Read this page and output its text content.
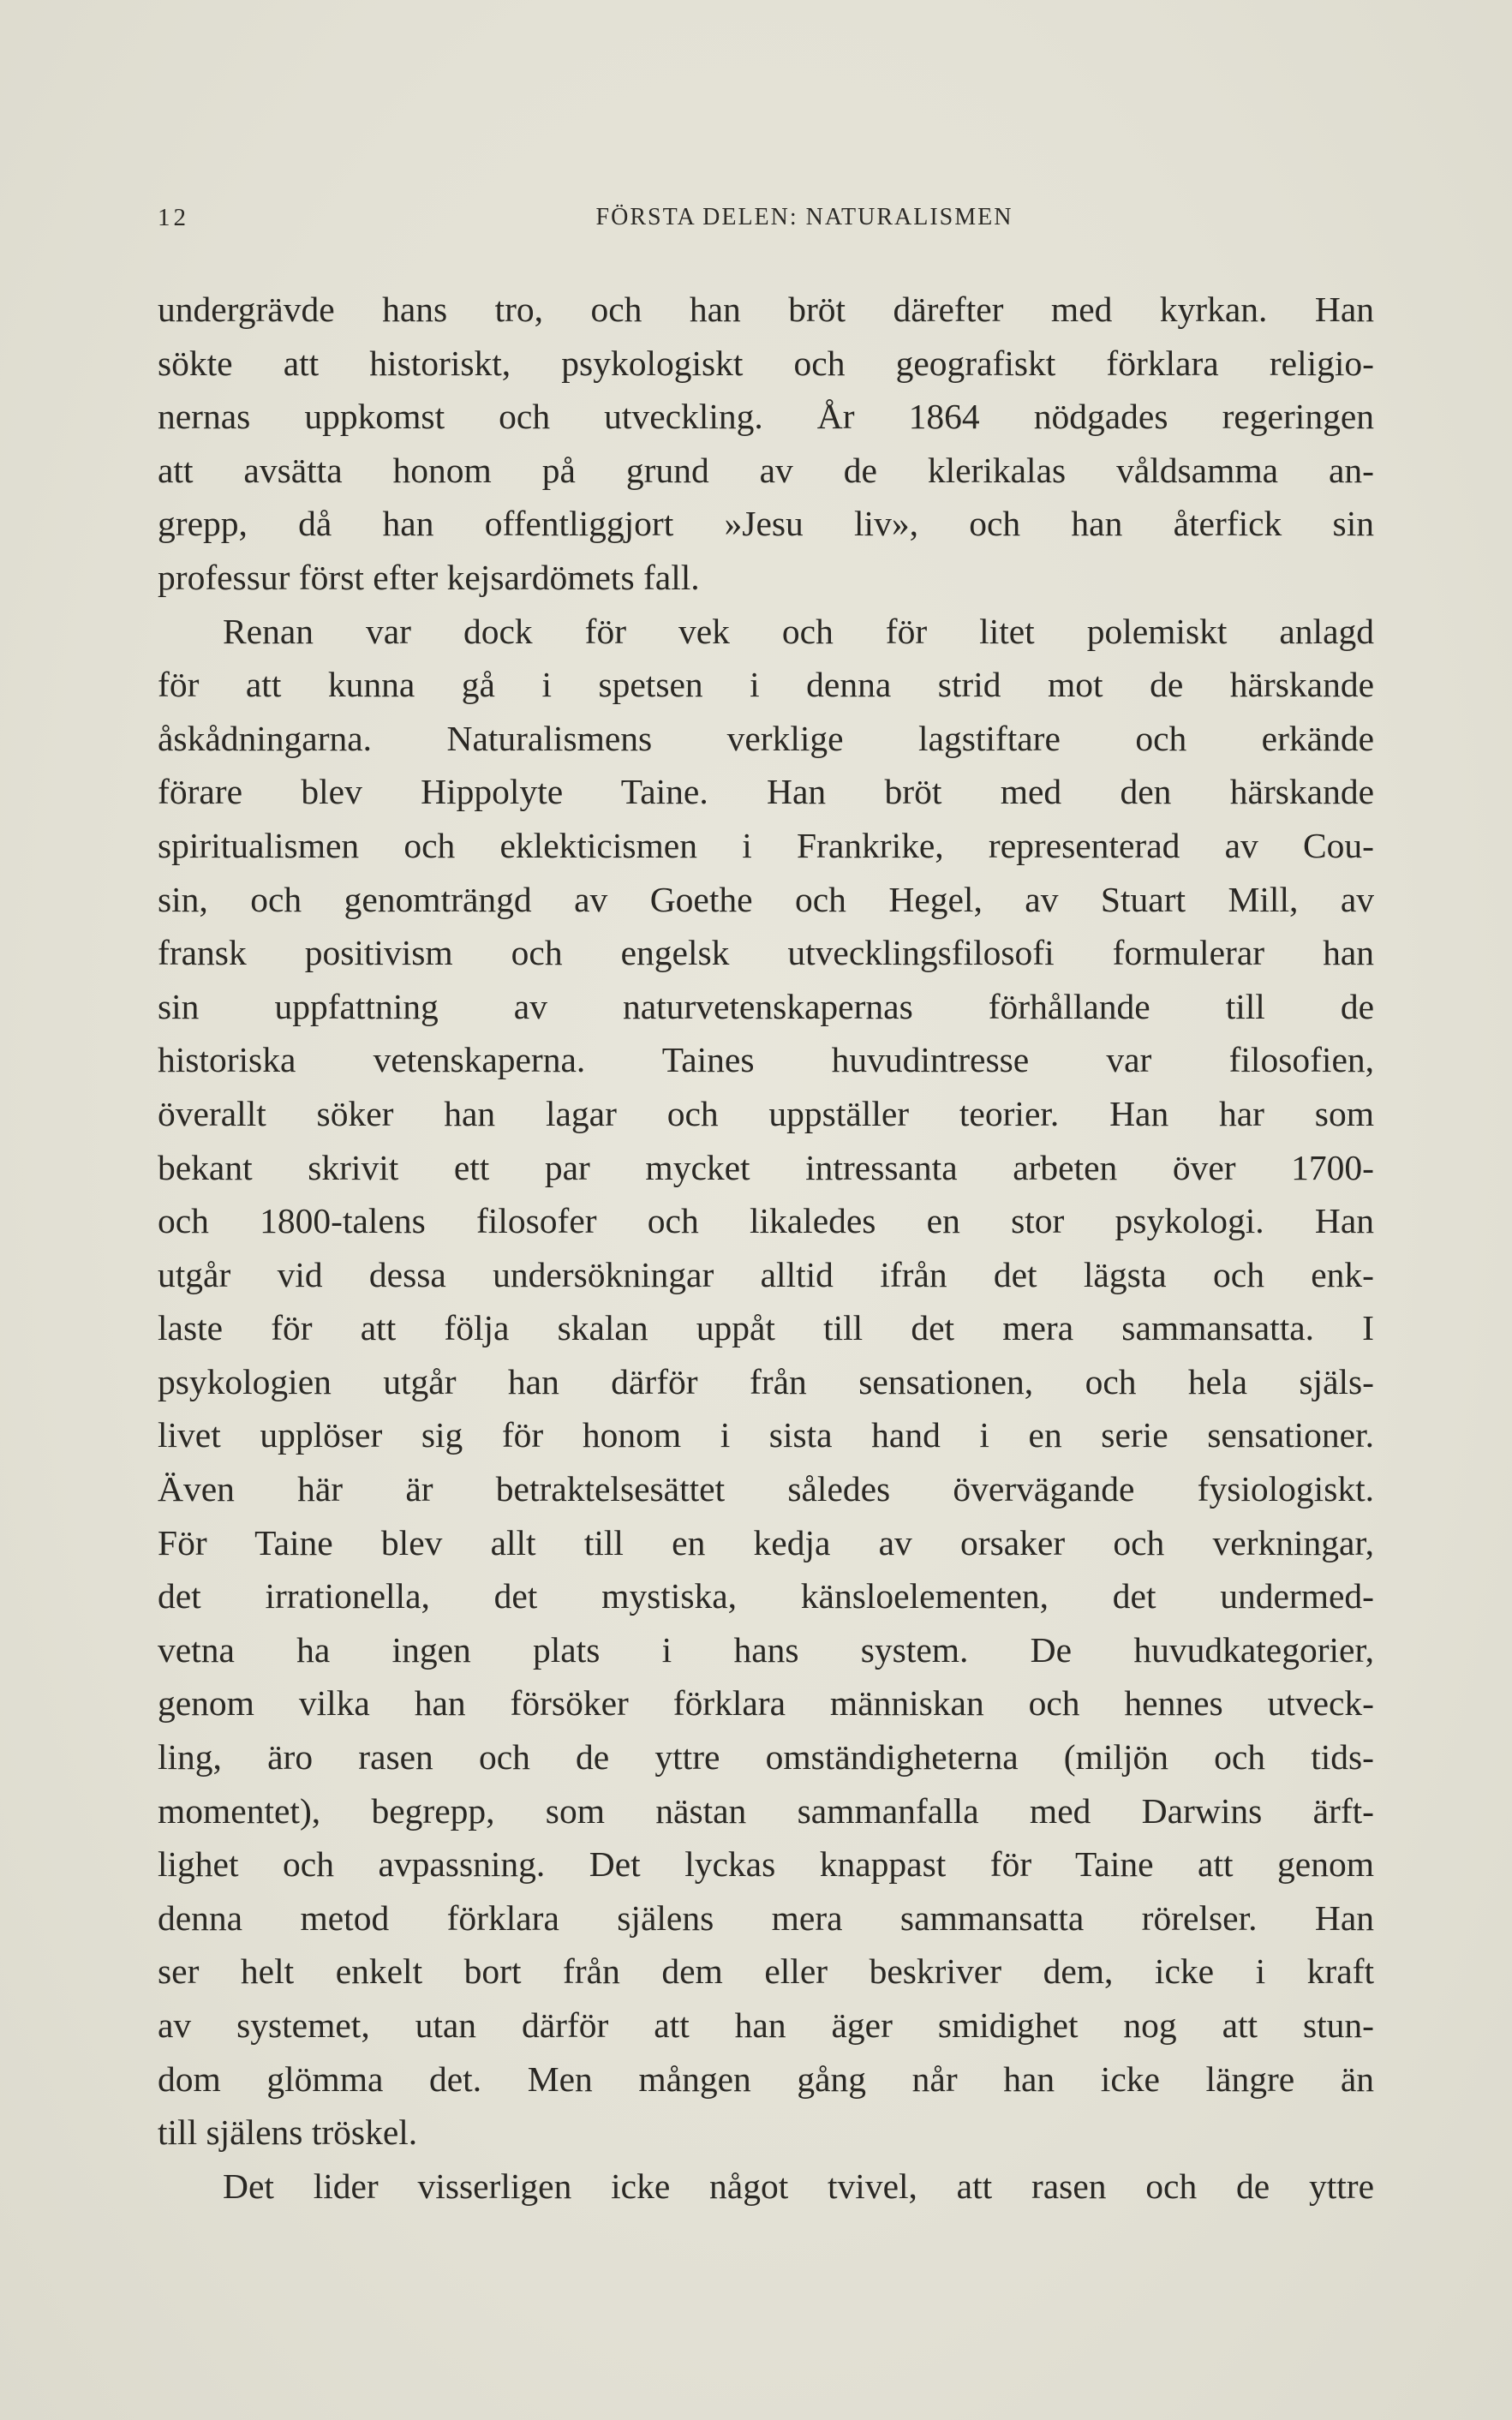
12	FÖRSTA DELEN: NATURALISMEN
undergrävde hans tro, och han bröt därefter med kyrkan. Han
sökte att historiskt, psykologiskt och geografiskt förklara religio-
nernas uppkomst och utveckling. År 1864 nödgades regeringen
att avsätta honom på grund av de klerikalas våldsamma an-
grepp, då han offentliggjort »Jesu liv», och han återfick sin
professur först efter kejsardömets fall.
Renan var dock för vek och för litet polemiskt anlagd
för att kunna gå i spetsen i denna strid mot de härskande
åskådningarna. Naturalismens verklige lagstiftare och erkände
förare blev Hippolyte Taine. Han bröt med den härskande
spiritualismen och eklekticismen i Frankrike, representerad av Cou-
sin, och genomträngd av Goethe och Hegel, av Stuart Mill, av
fransk positivism och engelsk utvecklingsfilosofi formulerar han
sin uppfattning av naturvetenskapernas förhållande till de
historiska vetenskaperna. Taines huvudintresse var filosofien,
överallt söker han lagar och uppställer teorier. Han har som
bekant skrivit ett par mycket intressanta arbeten över 1700-
och 1800-talens filosofer och likaledes en stor psykologi. Han
utgår vid dessa undersökningar alltid ifrån det lägsta och enk-
laste för att följa skalan uppåt till det mera sammansatta. I
psykologien utgår han därför från sensationen, och hela själs-
livet upplöser sig för honom i sista hand i en serie sensationer.
Även här är betraktelsesättet således övervägande fysiologiskt.
För Taine blev allt till en kedja av orsaker och verkningar,
det irrationella, det mystiska, känsloelementen, det undermed-
vetna ha ingen plats i hans system. De huvudkategorier,
genom vilka han försöker förklara människan och hennes utveck-
ling, äro rasen och de yttre omständigheterna (miljön och tids-
momentet), begrepp, som nästan sammanfalla med Darwins ärft-
lighet och avpassning. Det lyckas knappast för Taine att genom
denna metod förklara själens mera sammansatta rörelser. Han
ser helt enkelt bort från dem eller beskriver dem, icke i kraft
av systemet, utan därför att han äger smidighet nog att stun-
dom glömma det. Men mången gång når han icke längre än
till själens tröskel.
Det lider visserligen icke något tvivel, att rasen och de yttre
